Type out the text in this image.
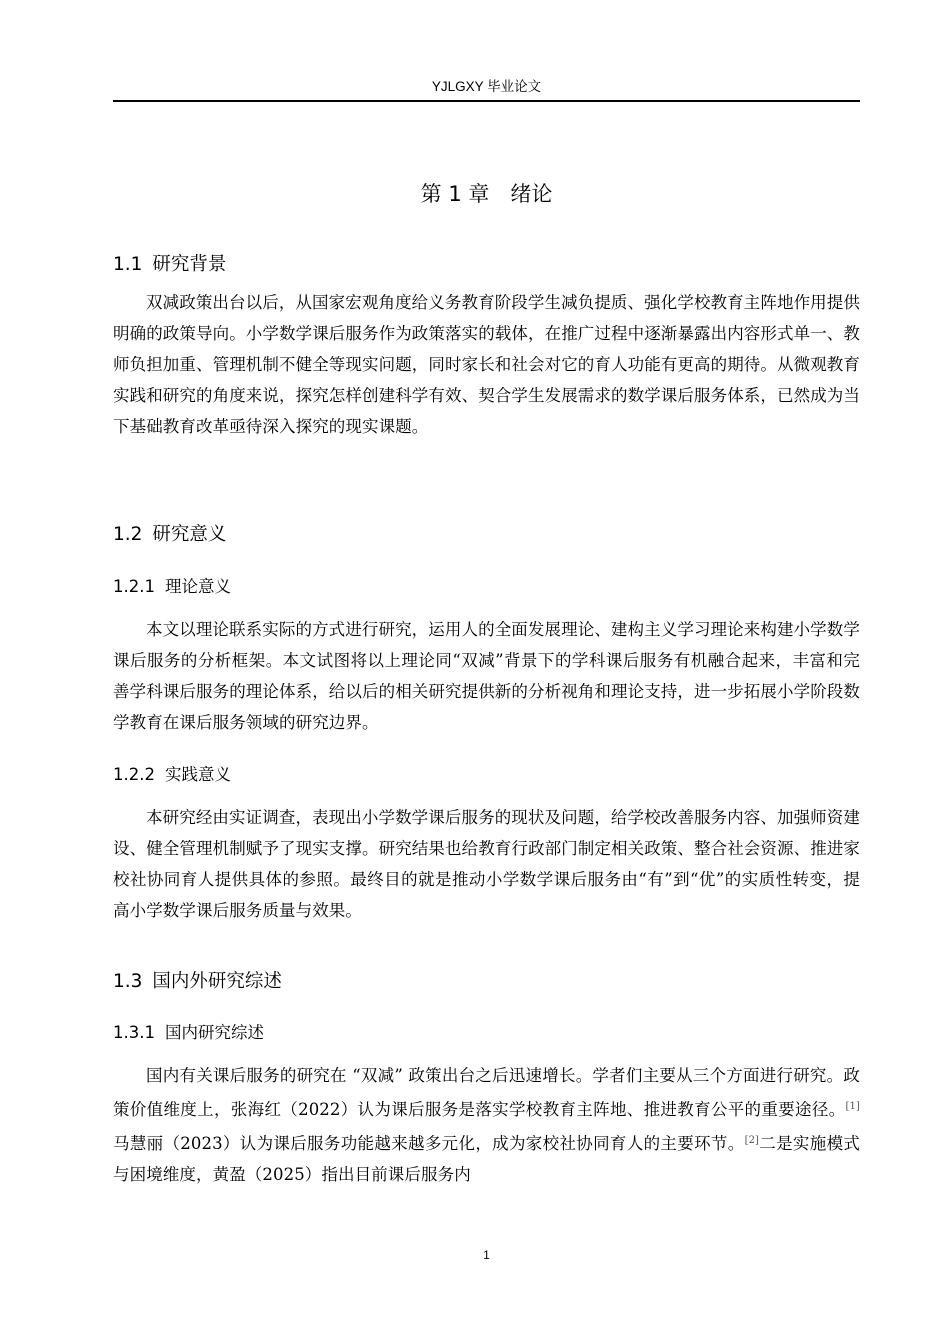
YJLGXY 毕业论文
第 1 章　绪论
1.1 研究背景

双减政策出台以后，从国家宏观角度给义务教育阶段学生减负提质、强化学校教育主阵地作用提供明确的政策导向。小学数学课后服务作为政策落实的载体，在推广过程中逐渐暴露出内容形式单一、教师负担加重、管理机制不健全等现实问题，同时家长和社会对它的育人功能有更高的期待。从微观教育实践和研究的角度来说，探究怎样创建科学有效、契合学生发展需求的数学课后服务体系，已然成为当下基础教育改革亟待深入探究的现实课题。

1.2 研究意义
1.2.1 理论意义

本文以理论联系实际的方式进行研究，运用人的全面发展理论、建构主义学习理论来构建小学数学课后服务的分析框架。本文试图将以上理论同“双减”背景下的学科课后服务有机融合起来，丰富和完善学科课后服务的理论体系，给以后的相关研究提供新的分析视角和理论支持，进一步拓展小学阶段数学教育在课后服务领域的研究边界。

1.2.2 实践意义

本研究经由实证调查，表现出小学数学课后服务的现状及问题，给学校改善服务内容、加强师资建设、健全管理机制赋予了现实支撑。研究结果也给教育行政部门制定相关政策、整合社会资源、推进家校社协同育人提供具体的参照。最终目的就是推动小学数学课后服务由“有”到“优”的实质性转变，提高小学数学课后服务质量与效果。

1.3 国内外研究综述
1.3.1 国内研究综述

国内有关课后服务的研究在 “双减” 政策出台之后迅速增长。学者们主要从三个方面进行研究。政策价值维度上，张海红（2022）认为课后服务是落实学校教育主阵地、推进教育公平的重要途径。[1]马慧丽（2023）认为课后服务功能越来越多元化，成为家校社协同育人的主要环节。[2]二是实施模式与困境维度，黄盈（2025）指出目前课后服务内

1
